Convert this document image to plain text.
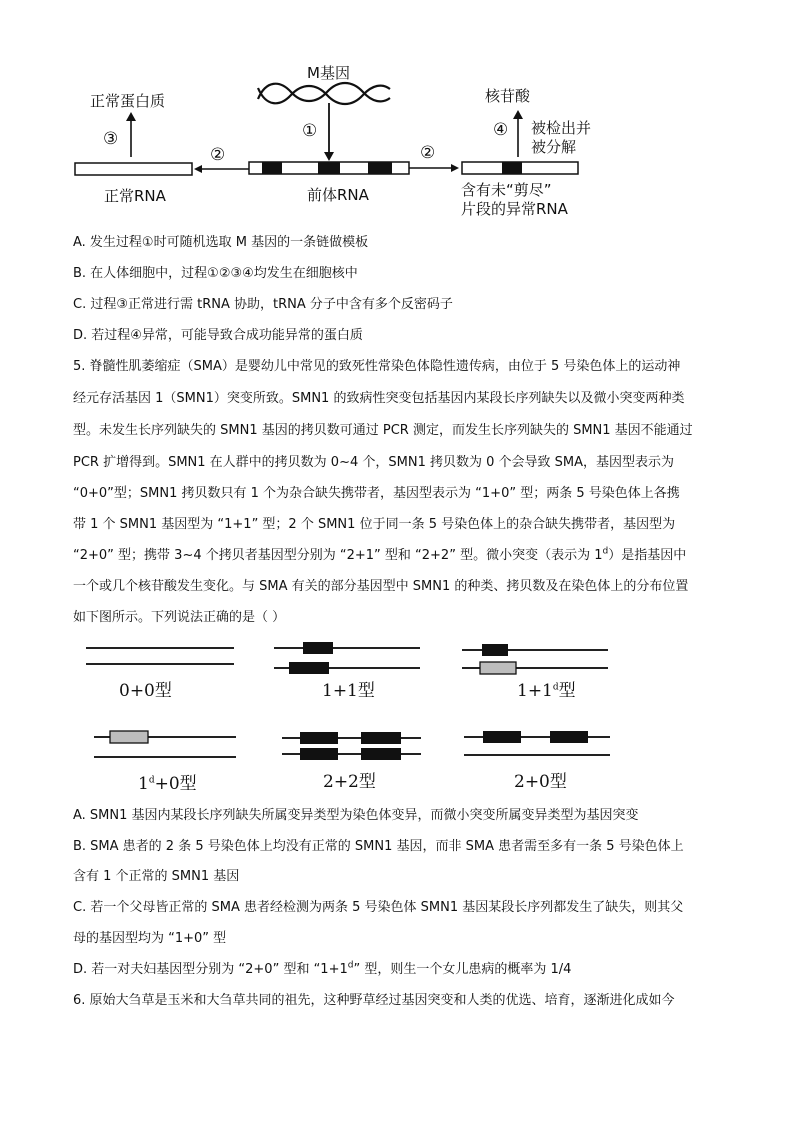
M基因
正常蛋白质	核苷酸
①
③	④
②	②
被检出并
被分解
正常RNA	前体RNA	含有未“剪尽”
片段的异常RNA
A. 发生过程①时可随机选取 M 基因的一条链做模板
B. 在人体细胞中，过程①②③④均发生在细胞核中
C. 过程③正常进行需 tRNA 协助，tRNA 分子中含有多个反密码子
D. 若过程④异常，可能导致合成功能异常的蛋白质
5. 脊髓性肌萎缩症（SMA）是婴幼儿中常见的致死性常染色体隐性遗传病，由位于 5 号染色体上的运动神
经元存活基因 1（SMN1）突变所致。SMN1 的致病性突变包括基因内某段长序列缺失以及微小突变两种类
型。未发生长序列缺失的 SMN1 基因的拷贝数可通过 PCR 测定，而发生长序列缺失的 SMN1 基因不能通过
PCR 扩增得到。SMN1 在人群中的拷贝数为 0~4 个，SMN1 拷贝数为 0 个会导致 SMA，基因型表示为
“0+0”型；SMN1 拷贝数只有 1 个为杂合缺失携带者，基因型表示为 “1+0” 型；两条 5 号染色体上各携
带 1 个 SMN1 基因型为 “1+1” 型；2 个 SMN1 位于同一条 5 号染色体上的杂合缺失携带者，基因型为
“2+0” 型；携带 3~4 个拷贝者基因型分别为 “2+1” 型和 “2+2” 型。微小突变（表示为 1$^d$）是指基因中
一个或几个核苷酸发生变化。与 SMA 有关的部分基因型中 SMN1 的种类、拷贝数及在染色体上的分布位置
如下图所示。下列说法正确的是（ ）
0+0型	1+1型	$1+1^d$型
$1^d+0$型	2+2型	2+0型
A. SMN1 基因内某段长序列缺失所属变异类型为染色体变异，而微小突变所属变异类型为基因突变
B. SMA 患者的 2 条 5 号染色体上均没有正常的 SMN1 基因，而非 SMA 患者需至多有一条 5 号染色体上
含有 1 个正常的 SMN1 基因
C. 若一个父母皆正常的 SMA 患者经检测为两条 5 号染色体 SMN1 基因某段长序列都发生了缺失，则其父
母的基因型均为 “1+0” 型
D. 若一对夫妇基因型分别为 “2+0” 型和 “$1+1^d$” 型，则生一个女儿患病的概率为 1/4
6. 原始大刍草是玉米和大刍草共同的祖先，这种野草经过基因突变和人类的优选、培育，逐渐进化成如今
